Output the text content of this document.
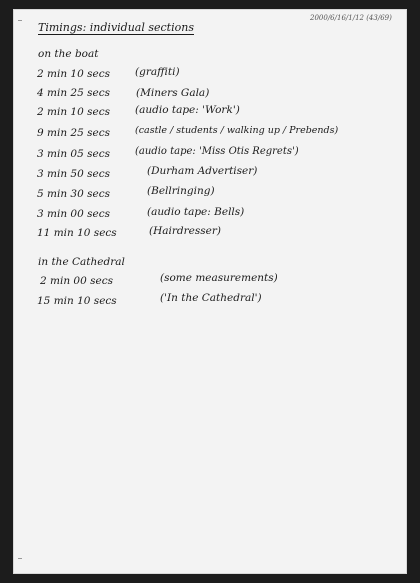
2000/6/16/1/12 (43/69)
Timings: individual sections
on the boat
2 min 10 secs (graffiti)
4 min 25 secs (Miners Gala)
2 min 10 secs (audio tape: 'Work')
9 min 25 secs	(castle / students / walking up / Prebends)
3 min 05 secs (audio tape: 'Miss Otis Regrets')
3 min 50 secs	(Durham Advertiser)
5 min 30 secs	(Bellringing)
3 min 00 secs	(audio tape: Bells)
11 min 10 secs	(Hairdresser)
in the Cathedral
2 min 00 secs	(some measurements)
15 min 10 secs	('In the Cathedral')
